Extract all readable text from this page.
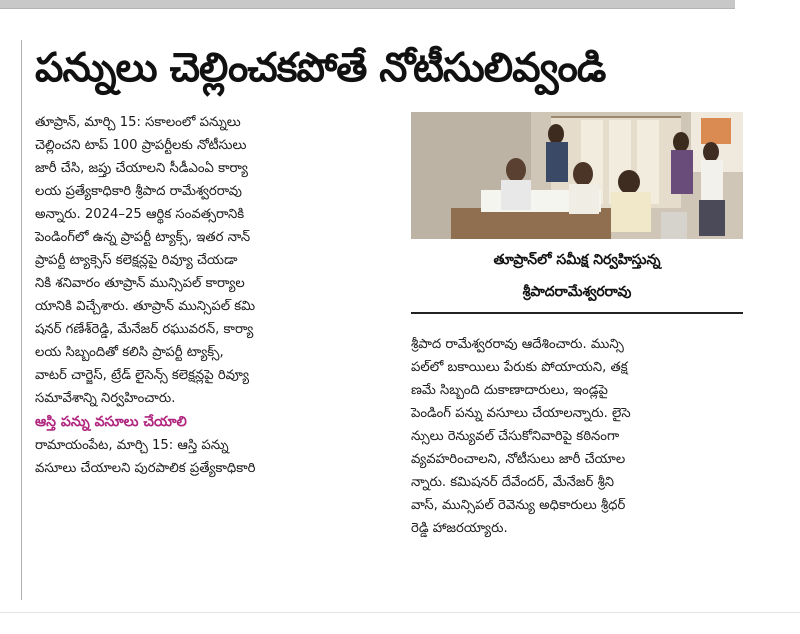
పన్నులు చెల్లించకపోతే నోటీసులివ్వండి

తూప్రాన్, మార్చి 15: సకాలంలో పన్నులు

చెల్లించని టాప్ 100 ప్రాపర్టీలకు నోటీసులు

జారీ చేసి, జప్తు చేయాలని సీడీఎంఏ కార్యా

లయ ప్రత్యేకాధికారి శ్రీపాద రామేశ్వరరావు

అన్నారు. 2024–25 ఆర్థిక సంవత్సరానికి

పెండింగ్‌లో ఉన్న ప్రాపర్టీ ట్యాక్స్, ఇతర నాన్

ప్రాపర్టీ ట్యాక్సెస్ కలెక్షన్లపై రివ్యూ చేయడా

నికి శనివారం తూప్రాన్ మున్సిపల్ కార్యాల

యానికి విచ్చేశారు. తూప్రాన్ మున్సిపల్ కమి

షనర్ గణేశ్‌రెడ్డి, మేనేజర్ రఘువరన్, కార్యా

లయ సిబ్బందితో కలిసి ప్రాపర్టీ ట్యాక్స్,

వాటర్ చార్జెస్, ట్రేడ్ లైసెన్స్ కలెక్షన్లపై రివ్యూ

సమావేశాన్ని నిర్వహించారు.

ఆస్తి పన్ను వసూలు చేయాలి

రామాయంపేట, మార్చి 15: ఆస్తి పన్ను

వసూలు చేయాలని పురపాలిక ప్రత్యేకాధికారి

తూప్రాన్‌లో సమీక్ష నిర్వహిస్తున్న

శ్రీపాదరామేశ్వరరావు

శ్రీపాద రామేశ్వరరావు ఆదేశించారు. మున్సి

పల్‌లో బకాయిలు పేరుకు పోయాయని, తక్ష

ణమే సిబ్బంది దుకాణాదారులు, ఇండ్లపై

పెండింగ్ పన్ను వసూలు చేయాలన్నారు. లైసె

న్సులు రెన్యువల్ చేసుకోనివారిపై కఠినంగా

వ్యవహరించాలని, నోటీసులు జారీ చేయాల

న్నారు. కమిషనర్ దేవేందర్, మేనేజర్ శ్రీని

వాస్, మున్సిపల్ రెవెన్యు అధికారులు శ్రీధర్

రెడ్డి హాజరయ్యారు.
